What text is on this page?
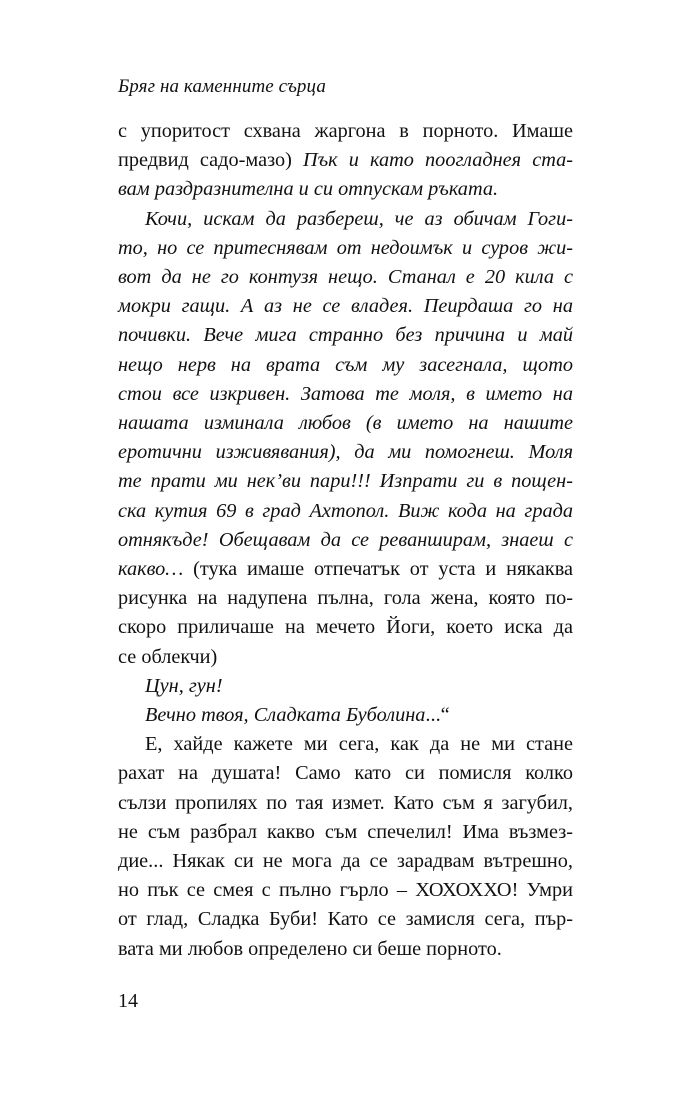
Бряг на каменните сърца
с упоритост схвана жаргона в порното. Имаше
предвид садо-мазо) Пък и като поогладнея ста-
вам раздразнителна и си отпускам ръката.
Кочи, искам да разбереш, че аз обичам Гоги-
то, но се притеснявам от недоимък и суров жи-
вот да не го контузя нещо. Станал е 20 кила с
мокри гащи. А аз не се владея. Пеирдаша го на
почивки. Вече мига странно без причина и май
нещо нерв на врата съм му засегнала, щото
стои все изкривен. Затова те моля, в името на
нашата изминала любов (в името на нашите
еротични изживявания), да ми помогнеш. Моля
те прати ми нек’ви пари!!! Изпрати ги в пощен-
ска кутия 69 в град Ахтопол. Виж кода на града
отнякъде! Обещавам да се реванширам, знаеш с
какво… (тука имаше отпечатък от уста и някаква
рисунка на надупена пълна, гола жена, която по-
скоро приличаше на мечето Йоги, което иска да
се облекчи)
Цун, гун!
Вечно твоя, Сладката Буболина...“
Е, хайде кажете ми сега, как да не ми стане
рахат на душата! Само като си помисля колко
сълзи пропилях по тая измет. Като съм я загубил,
не съм разбрал какво съм спечелил! Има възмез-
дие... Някак си не мога да се зарадвам вътрешно,
но пък се смея с пълно гърло – ХОХОХХО! Умри
от глад, Сладка Буби! Като се замисля сега, пър-
вата ми любов определено си беше порното.
14
